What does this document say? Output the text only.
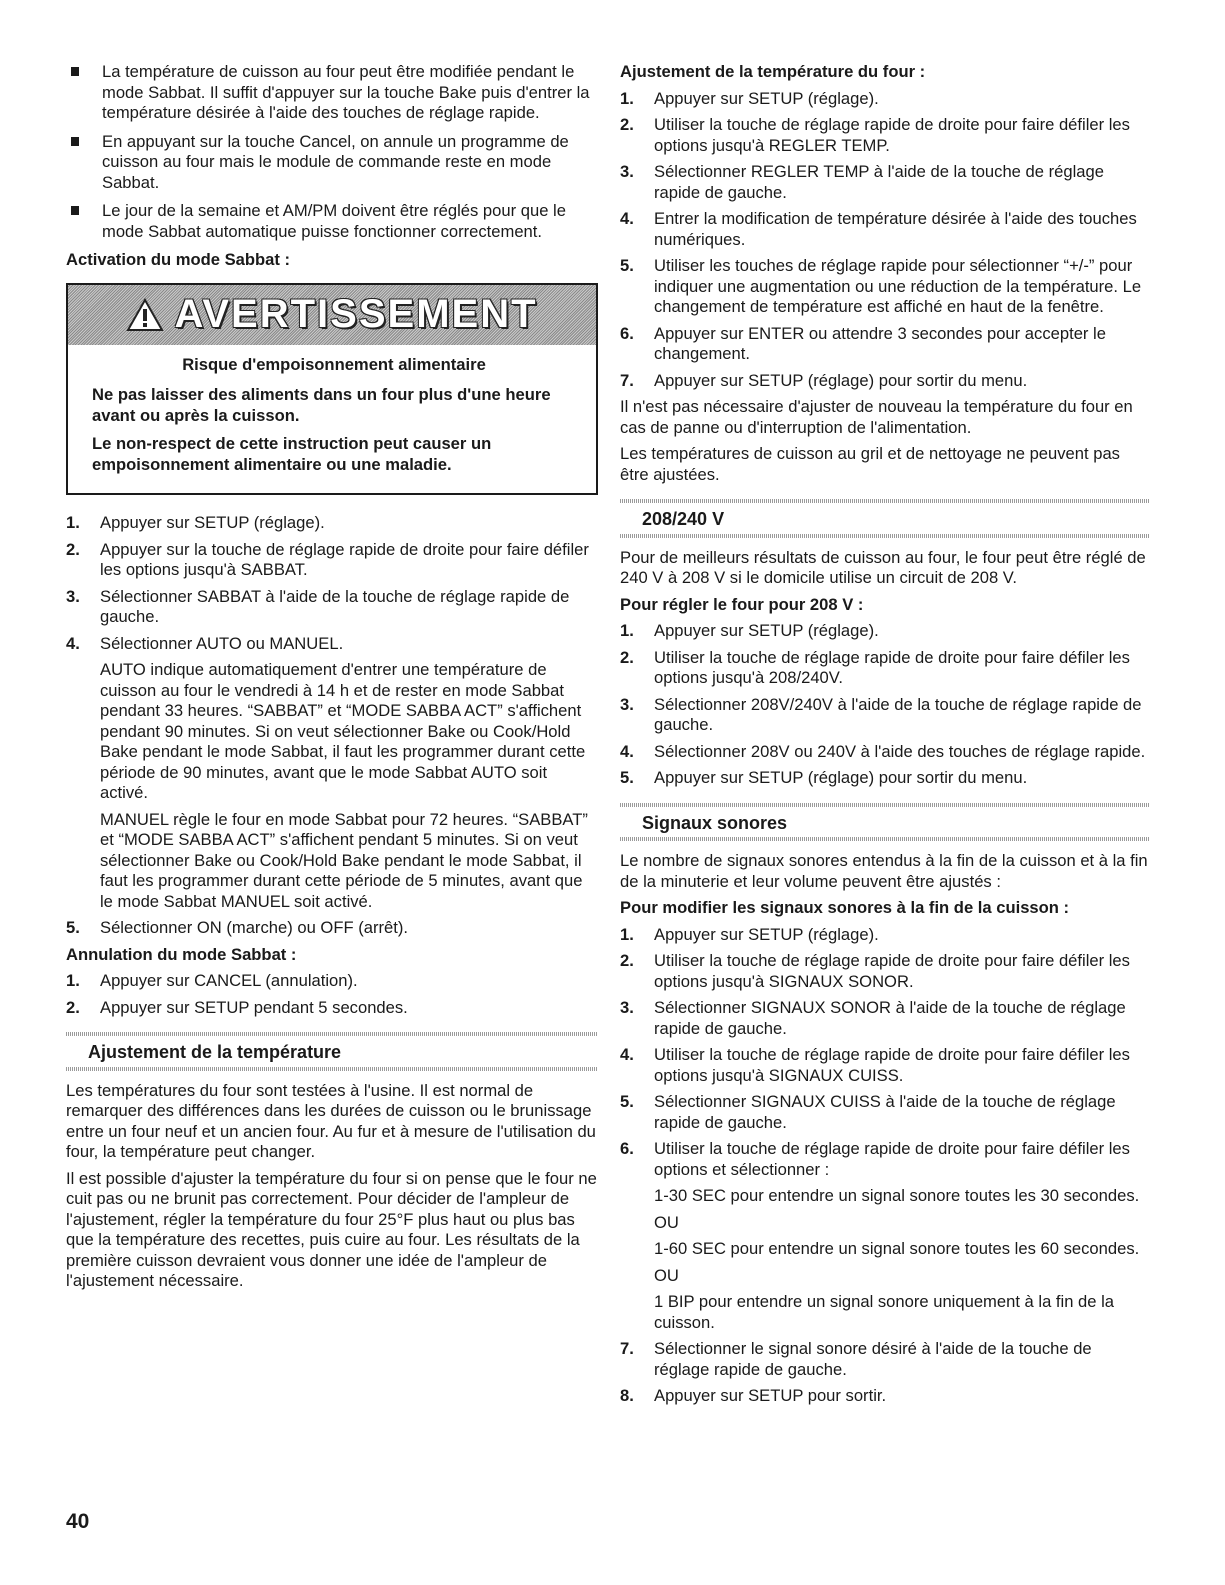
La température de cuisson au four peut être modifiée pendant le mode Sabbat. Il suffit d'appuyer sur la touche Bake puis d'entrer la température désirée à l'aide des touches de réglage rapide.
En appuyant sur la touche Cancel, on annule un programme de cuisson au four mais le module de commande reste en mode Sabbat.
Le jour de la semaine et AM/PM doivent être réglés pour que le mode Sabbat automatique puisse fonctionner correctement.
Activation du mode Sabbat :
AVERTISSEMENT
Risque d'empoisonnement alimentaire
Ne pas laisser des aliments dans un four plus d'une heure avant ou après la cuisson.
Le non-respect de cette instruction peut causer un empoisonnement alimentaire ou une maladie.
1. Appuyer sur SETUP (réglage).
2. Appuyer sur la touche de réglage rapide de droite pour faire défiler les options jusqu'à SABBAT.
3. Sélectionner SABBAT à l'aide de la touche de réglage rapide de gauche.
4. Sélectionner AUTO ou MANUEL.
AUTO indique automatiquement d'entrer une température de cuisson au four le vendredi à 14 h et de rester en mode Sabbat pendant 33 heures. “SABBAT” et “MODE SABBA ACT” s'affichent pendant 90 minutes. Si on veut sélectionner Bake ou Cook/Hold Bake pendant le mode Sabbat, il faut les programmer durant cette période de 90 minutes, avant que le mode Sabbat AUTO soit activé.
MANUEL règle le four en mode Sabbat pour 72 heures. “SABBAT” et “MODE SABBA ACT” s'affichent pendant 5 minutes. Si on veut sélectionner Bake ou Cook/Hold Bake pendant le mode Sabbat, il faut les programmer durant cette période de 5 minutes, avant que le mode Sabbat MANUEL soit activé.
5. Sélectionner ON (marche) ou OFF (arrêt).
Annulation du mode Sabbat :
1. Appuyer sur CANCEL (annulation).
2. Appuyer sur SETUP pendant 5 secondes.
Ajustement de la température
Les températures du four sont testées à l'usine. Il est normal de remarquer des différences dans les durées de cuisson ou le brunissage entre un four neuf et un ancien four. Au fur et à mesure de l'utilisation du four, la température peut changer.
Il est possible d'ajuster la température du four si on pense que le four ne cuit pas ou ne brunit pas correctement. Pour décider de l'ampleur de l'ajustement, régler la température du four 25°F plus haut ou plus bas que la température des recettes, puis cuire au four. Les résultats de la première cuisson devraient vous donner une idée de l'ampleur de l'ajustement nécessaire.
Ajustement de la température du four :
1. Appuyer sur SETUP (réglage).
2. Utiliser la touche de réglage rapide de droite pour faire défiler les options jusqu'à REGLER TEMP.
3. Sélectionner REGLER TEMP à l'aide de la touche de réglage rapide de gauche.
4. Entrer la modification de température désirée à l'aide des touches numériques.
5. Utiliser les touches de réglage rapide pour sélectionner “+/-” pour indiquer une augmentation ou une réduction de la température. Le changement de température est affiché en haut de la fenêtre.
6. Appuyer sur ENTER ou attendre 3 secondes pour accepter le changement.
7. Appuyer sur SETUP (réglage) pour sortir du menu.
Il n'est pas nécessaire d'ajuster de nouveau la température du four en cas de panne ou d'interruption de l'alimentation.
Les températures de cuisson au gril et de nettoyage ne peuvent pas être ajustées.
208/240 V
Pour de meilleurs résultats de cuisson au four, le four peut être réglé de 240 V à 208 V si le domicile utilise un circuit de 208 V.
Pour régler le four pour 208 V :
1. Appuyer sur SETUP (réglage).
2. Utiliser la touche de réglage rapide de droite pour faire défiler les options jusqu'à 208/240V.
3. Sélectionner 208V/240V à l'aide de la touche de réglage rapide de gauche.
4. Sélectionner 208V ou 240V à l'aide des touches de réglage rapide.
5. Appuyer sur SETUP (réglage) pour sortir du menu.
Signaux sonores
Le nombre de signaux sonores entendus à la fin de la cuisson et à la fin de la minuterie et leur volume peuvent être ajustés :
Pour modifier les signaux sonores à la fin de la cuisson :
1. Appuyer sur SETUP (réglage).
2. Utiliser la touche de réglage rapide de droite pour faire défiler les options jusqu'à SIGNAUX SONOR.
3. Sélectionner SIGNAUX SONOR à l'aide de la touche de réglage rapide de gauche.
4. Utiliser la touche de réglage rapide de droite pour faire défiler les options jusqu'à SIGNAUX CUISS.
5. Sélectionner SIGNAUX CUISS à l'aide de la touche de réglage rapide de gauche.
6. Utiliser la touche de réglage rapide de droite pour faire défiler les options et sélectionner :
1-30 SEC pour entendre un signal sonore toutes les 30 secondes.
OU
1-60 SEC pour entendre un signal sonore toutes les 60 secondes.
OU
1 BIP pour entendre un signal sonore uniquement à la fin de la cuisson.
7. Sélectionner le signal sonore désiré à l'aide de la touche de réglage rapide de gauche.
8. Appuyer sur SETUP pour sortir.
40
